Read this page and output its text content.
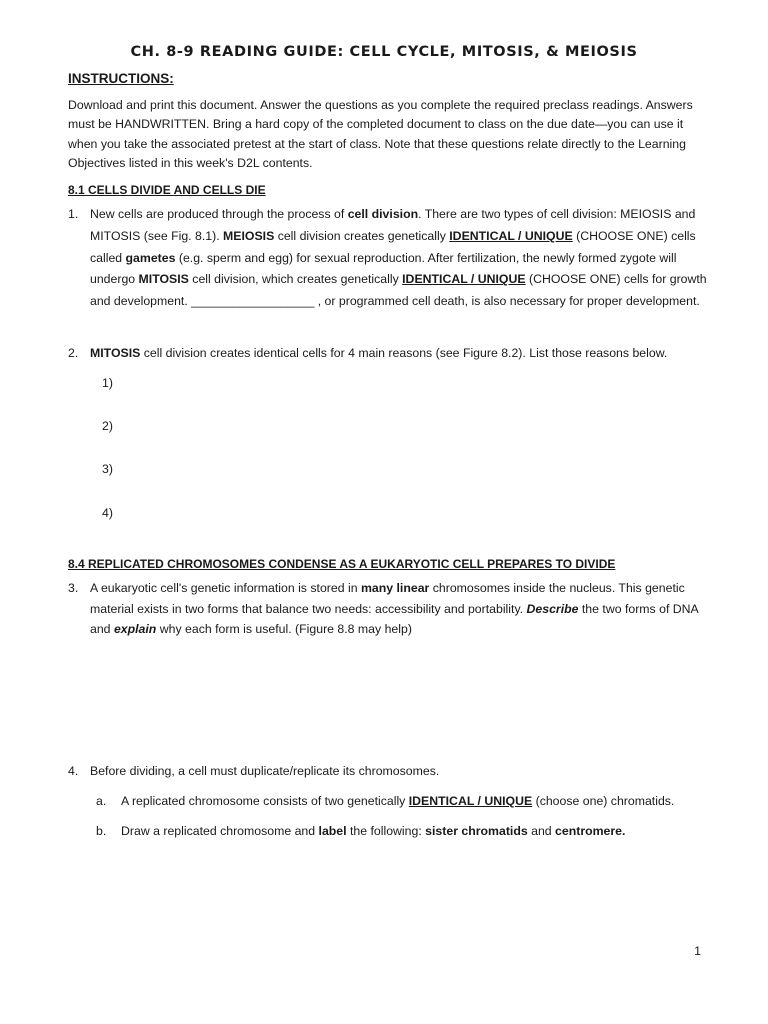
CH. 8-9 READING GUIDE: CELL CYCLE, MITOSIS, & MEIOSIS
INSTRUCTIONS:
Download and print this document. Answer the questions as you complete the required preclass readings. Answers must be HANDWRITTEN. Bring a hard copy of the completed document to class on the due date—you can use it when you take the associated pretest at the start of class. Note that these questions relate directly to the Learning Objectives listed in this week's D2L contents.
8.1 CELLS DIVIDE AND CELLS DIE
1. New cells are produced through the process of cell division. There are two types of cell division: MEIOSIS and MITOSIS (see Fig. 8.1). MEIOSIS cell division creates genetically IDENTICAL / UNIQUE (CHOOSE ONE) cells called gametes (e.g. sperm and egg) for sexual reproduction. After fertilization, the newly formed zygote will undergo MITOSIS cell division, which creates genetically IDENTICAL / UNIQUE (CHOOSE ONE) cells for growth and development. __________________ , or programmed cell death, is also necessary for proper development.
2. MITOSIS cell division creates identical cells for 4 main reasons (see Figure 8.2). List those reasons below.
1)
2)
3)
4)
8.4 REPLICATED CHROMOSOMES CONDENSE AS A EUKARYOTIC CELL PREPARES TO DIVIDE
3. A eukaryotic cell's genetic information is stored in many linear chromosomes inside the nucleus. This genetic material exists in two forms that balance two needs: accessibility and portability. Describe the two forms of DNA and explain why each form is useful. (Figure 8.8 may help)
4. Before dividing, a cell must duplicate/replicate its chromosomes.
a. A replicated chromosome consists of two genetically IDENTICAL / UNIQUE (choose one) chromatids.
b. Draw a replicated chromosome and label the following: sister chromatids and centromere.
1
